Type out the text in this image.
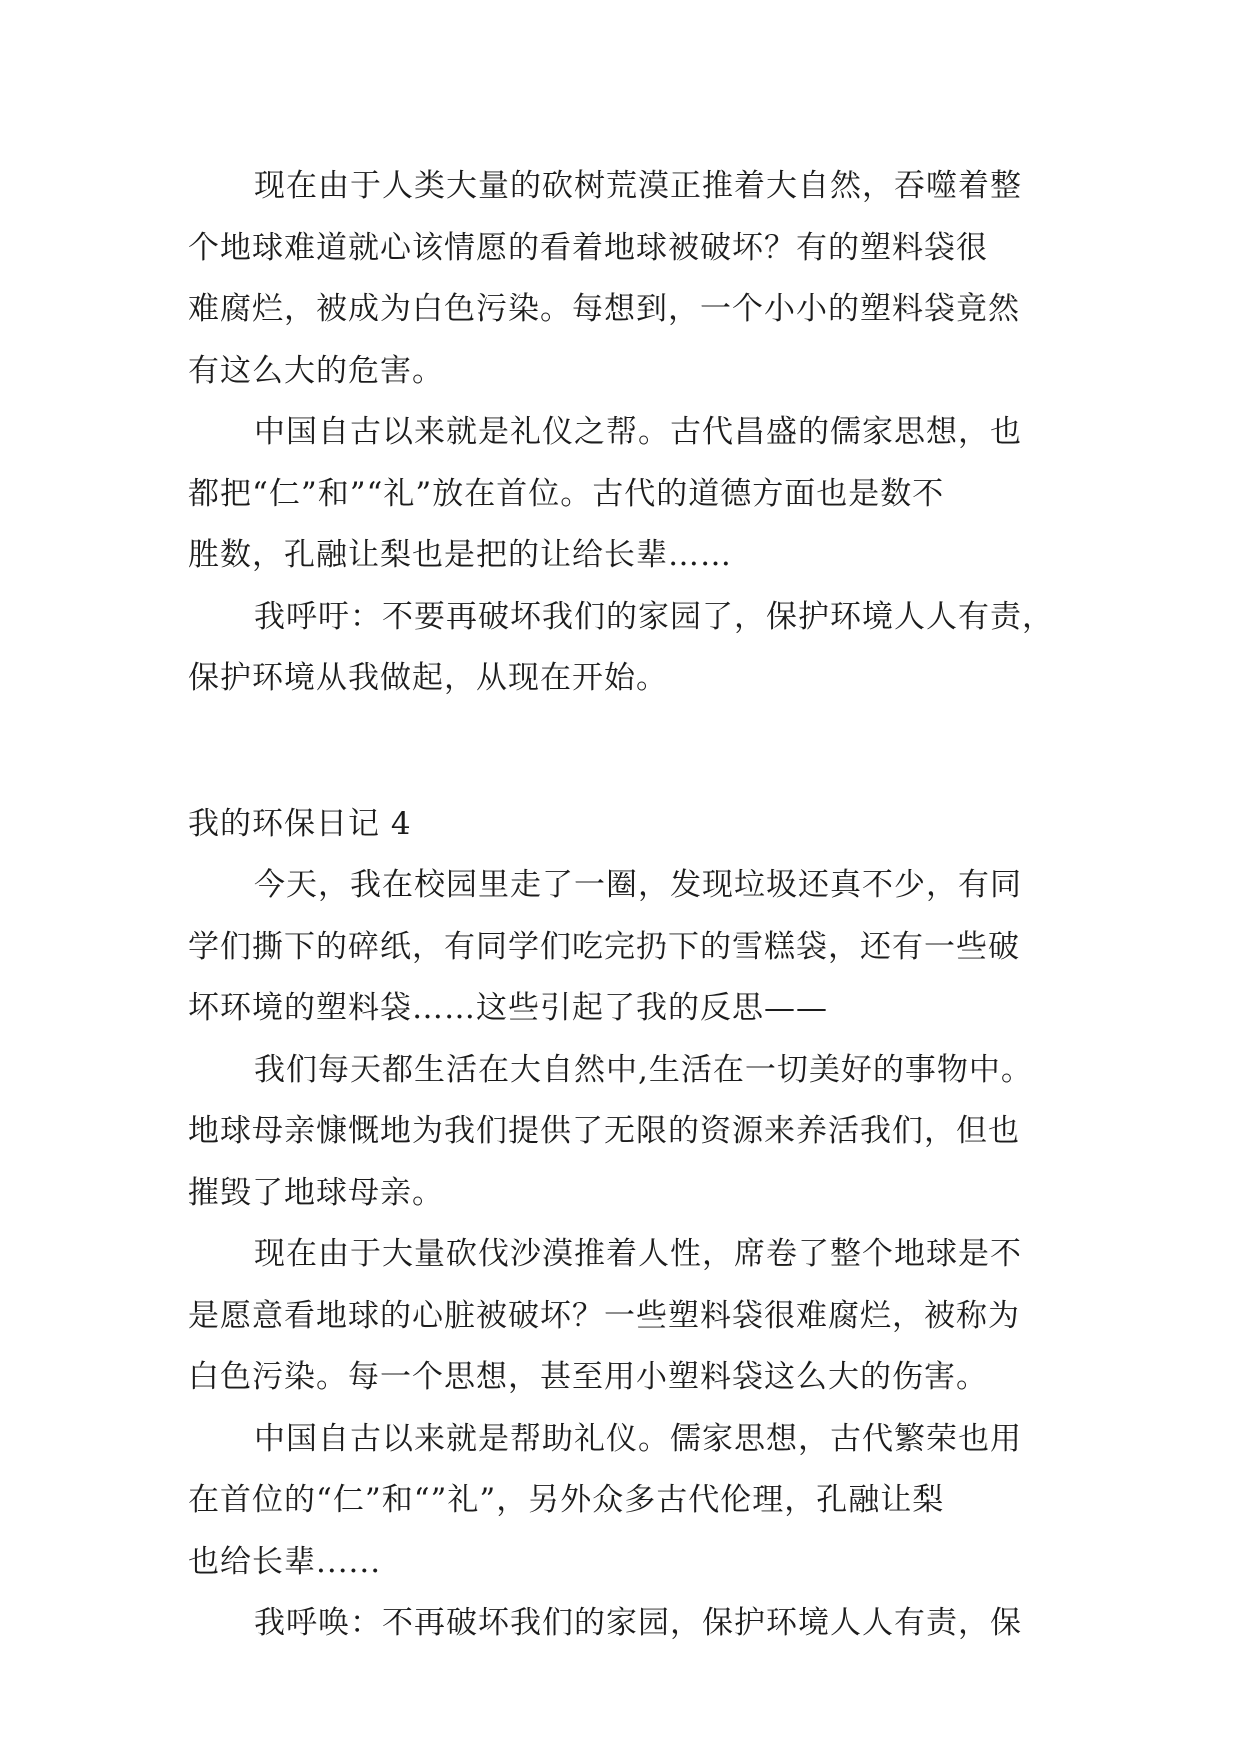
现在由于人类大量的砍树荒漠正推着大自然，吞噬着整
个地球难道就心该情愿的看着地球被破坏？有的塑料袋很
难腐烂，被成为白色污染。每想到，一个小小的塑料袋竟然
有这么大的危害。
中国自古以来就是礼仪之帮。古代昌盛的儒家思想，也
都把“仁”和”“礼”放在首位。古代的道德方面也是数不
胜数，孔融让梨也是把的让给长辈……
我呼吁：不要再破坏我们的家园了，保护环境人人有责，
保护环境从我做起，从现在开始。
我的环保日记 4
今天，我在校园里走了一圈，发现垃圾还真不少，有同
学们撕下的碎纸，有同学们吃完扔下的雪糕袋，还有一些破
坏环境的塑料袋……这些引起了我的反思——
我们每天都生活在大自然中,生活在一切美好的事物中。
地球母亲慷慨地为我们提供了无限的资源来养活我们，但也
摧毁了地球母亲。
现在由于大量砍伐沙漠推着人性，席卷了整个地球是不
是愿意看地球的心脏被破坏？一些塑料袋很难腐烂，被称为
白色污染。每一个思想，甚至用小塑料袋这么大的伤害。
中国自古以来就是帮助礼仪。儒家思想，古代繁荣也用
在首位的“仁”和“”礼”，另外众多古代伦理，孔融让梨
也给长辈......
我呼唤：不再破坏我们的家园，保护环境人人有责，保
